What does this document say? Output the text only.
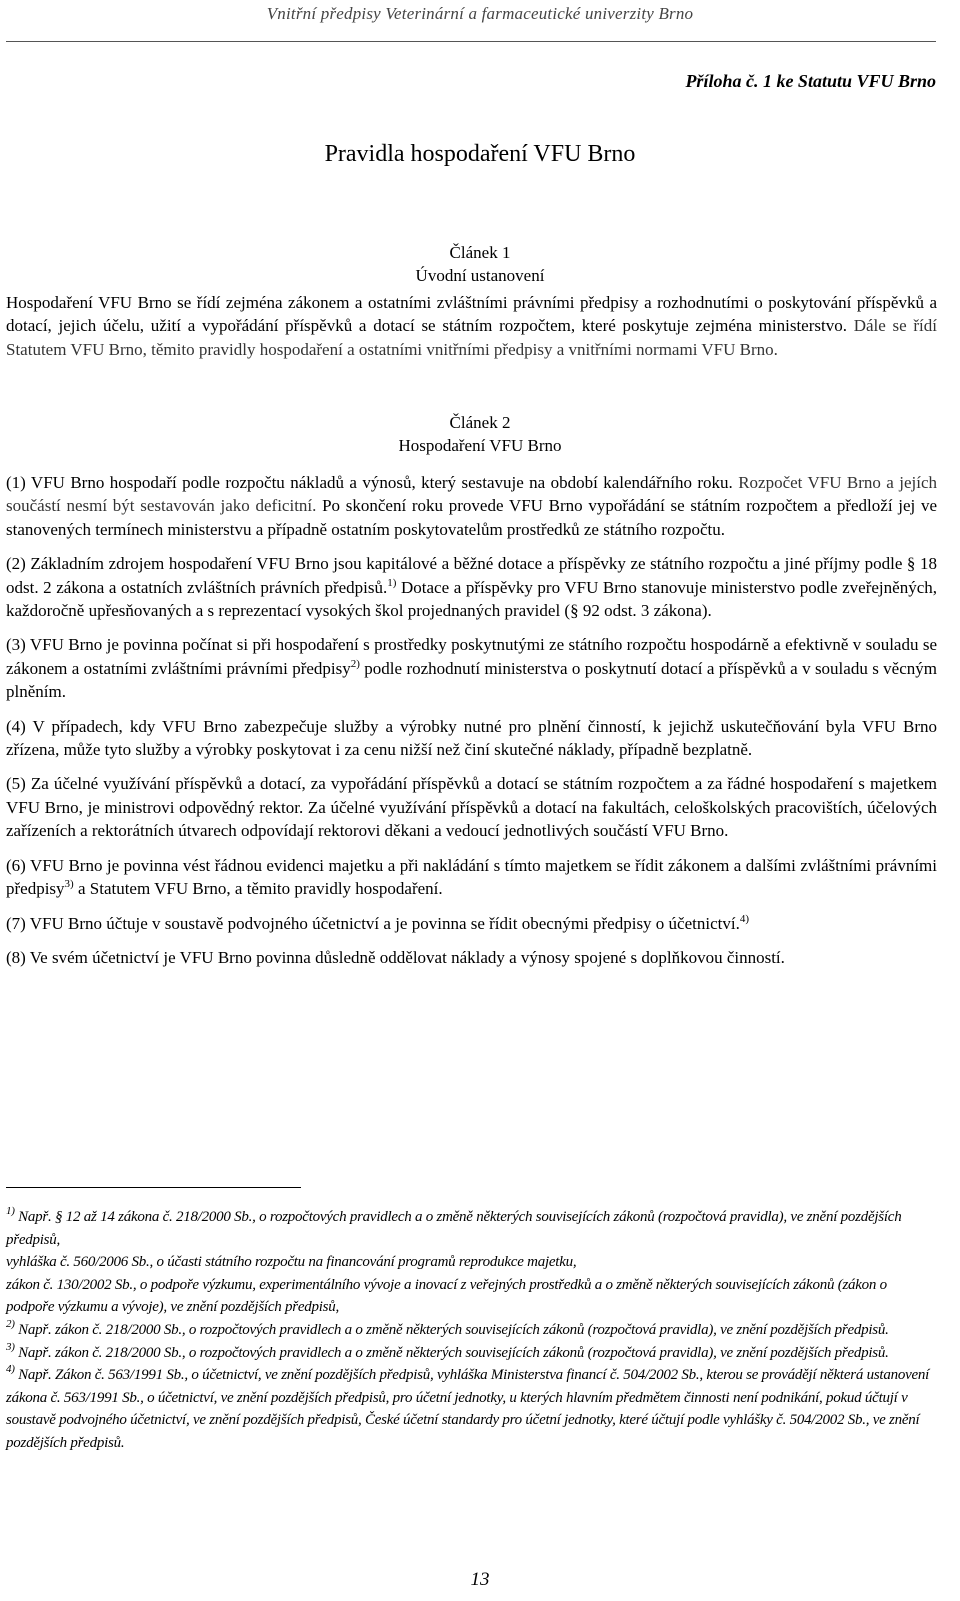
Vnitřní předpisy Veterinární a farmaceutické univerzity Brno
Příloha č. 1 ke Statutu VFU Brno
Pravidla hospodaření VFU Brno
Článek 1
Úvodní ustanovení

Hospodaření VFU Brno se řídí zejména zákonem a ostatními zvláštními právními předpisy a rozhodnutími o poskytování příspěvků a dotací, jejich účelu, užití a vypořádání příspěvků a dotací se státním rozpočtem, které poskytuje zejména ministerstvo. Dále se řídí Statutem VFU Brno, těmito pravidly hospodaření a ostatními vnitřními předpisy a vnitřními normami VFU Brno.

Článek 2
Hospodaření VFU Brno

(1) VFU Brno hospodaří podle rozpočtu nákladů a výnosů, který sestavuje na období kalendářního roku. Rozpočet VFU Brno a jejích součástí nesmí být sestavován jako deficitní. Po skončení roku provede VFU Brno vypořádání se státním rozpočtem a předloží jej ve stanovených termínech ministerstvu a případně ostatním poskytovatelům prostředků ze státního rozpočtu.

(2) Základním zdrojem hospodaření VFU Brno jsou kapitálové a běžné dotace a příspěvky ze státního rozpočtu a jiné příjmy podle § 18 odst. 2 zákona a ostatních zvláštních právních předpisů.$^{1)}$ Dotace a příspěvky pro VFU Brno stanovuje ministerstvo podle zveřejněných, každoročně upřesňovaných a s reprezentací vysokých škol projednaných pravidel (§ 92 odst. 3 zákona).

(3) VFU Brno je povinna počínat si při hospodaření s prostředky poskytnutými ze státního rozpočtu hospodárně a efektivně v souladu se zákonem a ostatními zvláštními právními předpisy$^{2)}$ podle rozhodnutí ministerstva o poskytnutí dotací a příspěvků a v souladu s věcným plněním.

(4) V případech, kdy VFU Brno zabezpečuje služby a výrobky nutné pro plnění činností, k jejichž uskutečňování byla VFU Brno zřízena, může tyto služby a výrobky poskytovat i za cenu nižší než činí skutečné náklady, případně bezplatně.

(5) Za účelné využívání příspěvků a dotací, za vypořádání příspěvků a dotací se státním rozpočtem a za řádné hospodaření s majetkem VFU Brno, je ministrovi odpovědný rektor. Za účelné využívání příspěvků a dotací na fakultách, celoškolských pracovištích, účelových zařízeních a rektorátních útvarech odpovídají rektorovi děkani a vedoucí jednotlivých součástí VFU Brno.

(6) VFU Brno je povinna vést řádnou evidenci majetku a při nakládání s tímto majetkem se řídit zákonem a dalšími zvláštními právními předpisy$^{3)}$ a Statutem VFU Brno, a těmito pravidly hospodaření.

(7) VFU Brno účtuje v soustavě podvojného účetnictví a je povinna se řídit obecnými předpisy o účetnictví.$^{4)}$

(8) Ve svém účetnictví je VFU Brno povinna důsledně oddělovat náklady a výnosy spojené s doplňkovou činností.

$^{1)}$ Např. § 12 až 14 zákona č. 218/2000 Sb., o rozpočtových pravidlech a o změně některých souvisejících zákonů (rozpočtová pravidla), ve znění pozdějších předpisů,

vyhláška č. 560/2006 Sb., o účasti státního rozpočtu na financování programů reprodukce majetku,

zákon č. 130/2002 Sb., o podpoře výzkumu, experimentálního vývoje a inovací z veřejných prostředků a o změně některých souvisejících zákonů (zákon o podpoře výzkumu a vývoje), ve znění pozdějších předpisů,

$^{2)}$ Např. zákon č. 218/2000 Sb., o rozpočtových pravidlech a o změně některých souvisejících zákonů (rozpočtová pravidla), ve znění pozdějších předpisů.

$^{3)}$ Např. zákon č. 218/2000 Sb., o rozpočtových pravidlech a o změně některých souvisejících zákonů (rozpočtová pravidla), ve znění pozdějších předpisů.

$^{4)}$ Např. Zákon č. 563/1991 Sb., o účetnictví, ve znění pozdějších předpisů, vyhláška Ministerstva financí č. 504/2002 Sb., kterou se provádějí některá ustanovení zákona č. 563/1991 Sb., o účetnictví, ve znění pozdějších předpisů, pro účetní jednotky, u kterých hlavním předmětem činnosti není podnikání, pokud účtují v soustavě podvojného účetnictví, ve znění pozdějších předpisů, České účetní standardy pro účetní jednotky, které účtují podle vyhlášky č. 504/2002 Sb., ve znění pozdějších předpisů.

13
